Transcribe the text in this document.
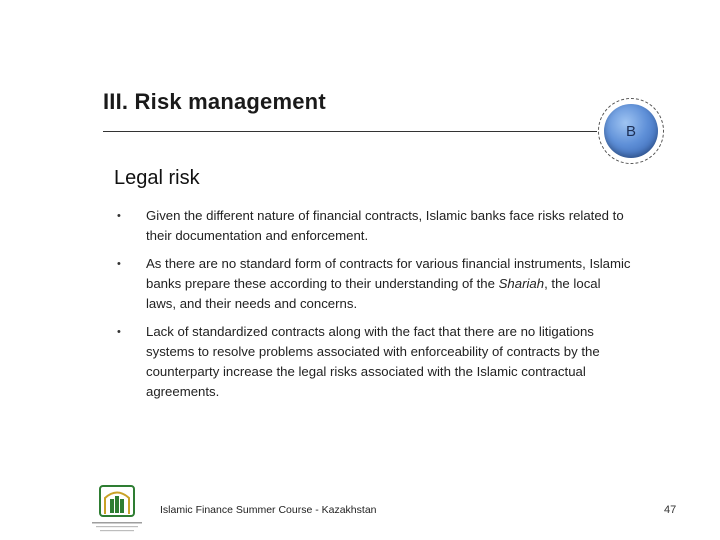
III. Risk management
B
Legal risk
• Given the different nature of financial contracts, Islamic banks face risks related to their documentation and enforcement.
• As there are no standard form of contracts for various financial instruments, Islamic banks prepare these according to their understanding of the Shariah, the local laws, and their needs and concerns.
• Lack of standardized contracts along with the fact that there are no litigations systems to resolve problems associated with enforceability of contracts by the counterparty increase the legal risks associated with the Islamic contractual agreements.
Islamic Finance Summer Course - Kazakhstan	47
